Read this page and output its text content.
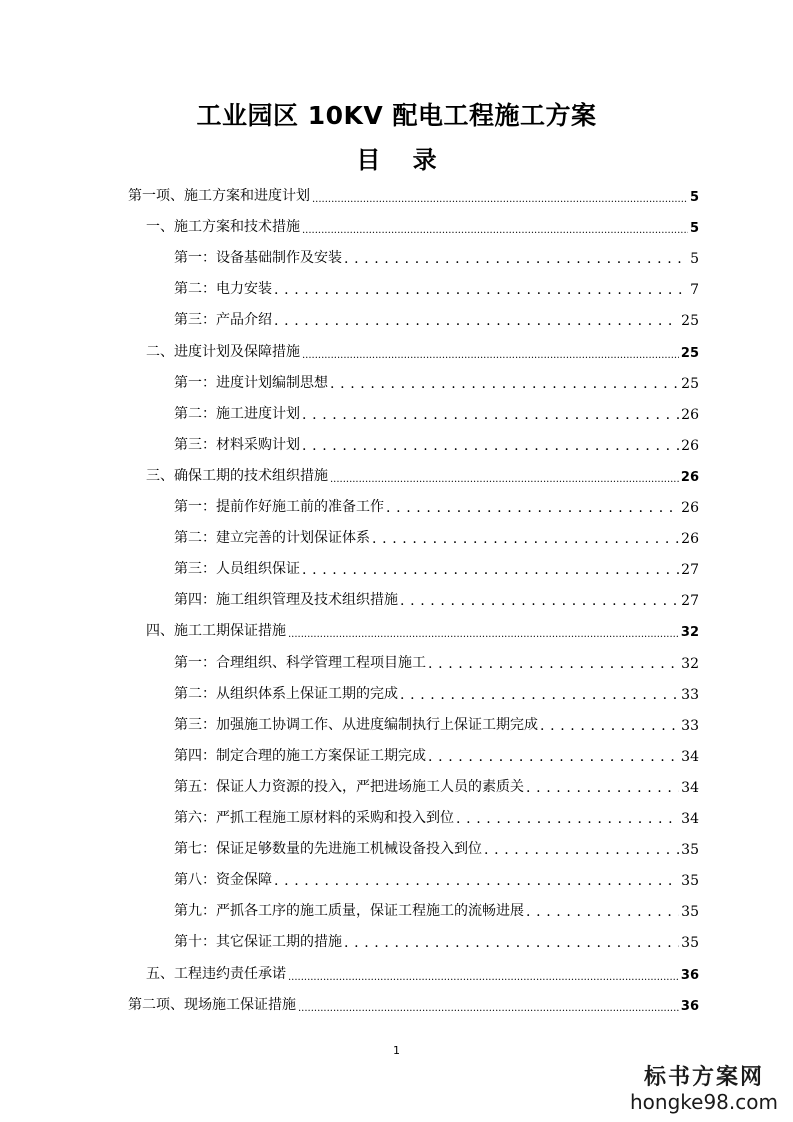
工业园区 10KV 配电工程施工方案
目 录
第一项、施工方案和进度计划 .....	5
一、施工方案和技术措施 .....	5
第一：设备基础制作及安装 . . .	5
第二：电力安装 . . .	7
第三：产品介绍 . . .	25
二、进度计划及保障措施 .....	25
第一：进度计划编制思想 . . .	25
第二：施工进度计划 . . .	26
第三：材料采购计划 . . .	26
三、确保工期的技术组织措施 .....	26
第一：提前作好施工前的准备工作 . . .	26
第二：建立完善的计划保证体系 . . .	26
第三：人员组织保证 . . .	27
第四：施工组织管理及技术组织措施 . . .	27
四、施工工期保证措施 .....	32
第一：合理组织、科学管理工程项目施工 . . .	32
第二：从组织体系上保证工期的完成 . . .	33
第三：加强施工协调工作、从进度编制执行上保证工期完成 . . .	33
第四：制定合理的施工方案保证工期完成 . . .	34
第五：保证人力资源的投入，严把进场施工人员的素质关 . . .	34
第六：严抓工程施工原材料的采购和投入到位 . . .	34
第七：保证足够数量的先进施工机械设备投入到位 . . .	35
第八：资金保障 . . .	35
第九：严抓各工序的施工质量，保证工程施工的流畅进展 . . .	35
第十：其它保证工期的措施 . . .	35
五、工程违约责任承诺 .....	36
第二项、现场施工保证措施 .....	36
1
标书方案网
hongke98.com
